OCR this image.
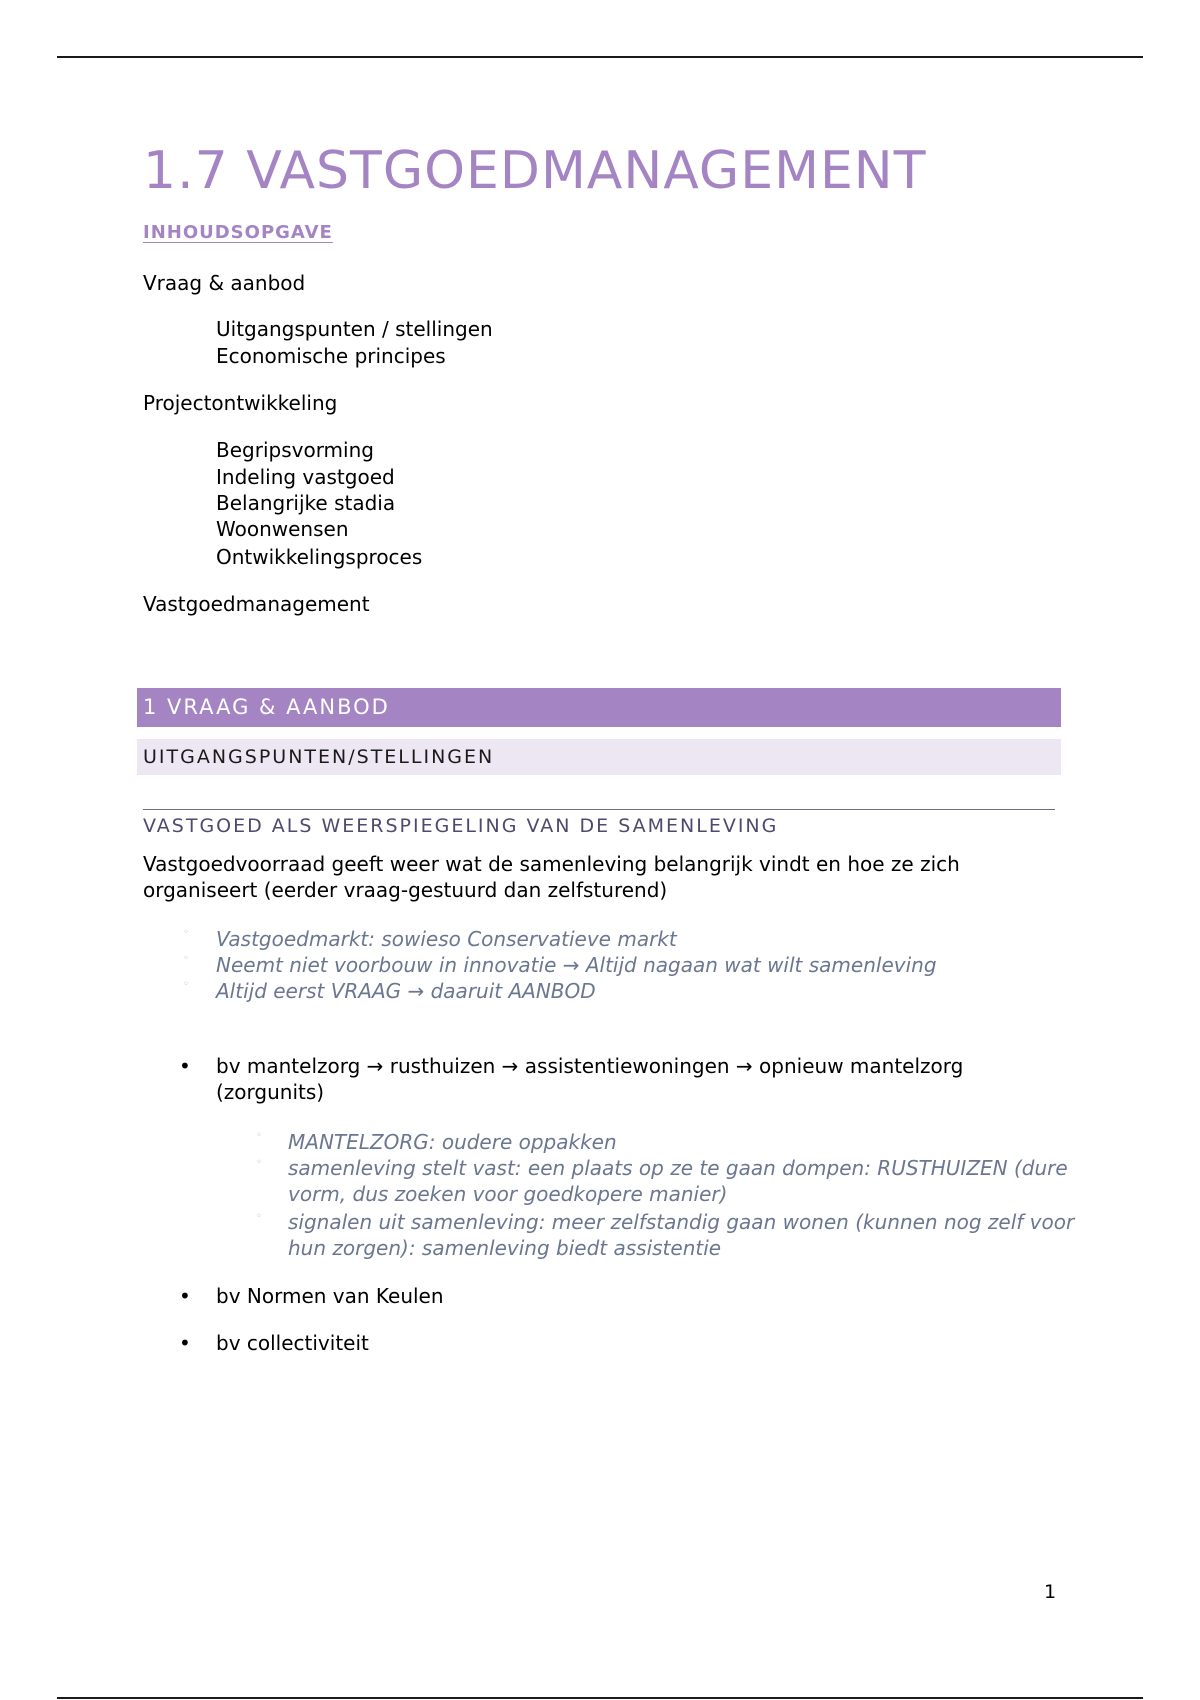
1.7 VASTGOEDMANAGEMENT
INHOUDSOPGAVE
Vraag & aanbod
Uitgangspunten / stellingen
Economische principes
Projectontwikkeling
Begripsvorming
Indeling vastgoed
Belangrijke stadia
Woonwensen
Ontwikkelingsproces
Vastgoedmanagement
1 VRAAG & AANBOD
UITGANGSPUNTEN/STELLINGEN
VASTGOED ALS WEERSPIEGELING VAN DE SAMENLEVING
Vastgoedvoorraad geeft weer wat de samenleving belangrijk vindt en hoe ze zich organiseert (eerder vraag-gestuurd dan zelfsturend)
◦ Vastgoedmarkt: sowieso Conservatieve markt
◦ Neemt niet voorbouw in innovatie → Altijd nagaan wat wilt samenleving
◦ Altijd eerst VRAAG → daaruit AANBOD
• bv mantelzorg → rusthuizen → assistentiewoningen → opnieuw mantelzorg (zorgunits)
◦ MANTELZORG: oudere oppakken
◦ samenleving stelt vast: een plaats op ze te gaan dompen: RUSTHUIZEN (dure vorm, dus zoeken voor goedkopere manier)
◦ signalen uit samenleving: meer zelfstandig gaan wonen (kunnen nog zelf voor hun zorgen): samenleving biedt assistentie
• bv Normen van Keulen
• bv collectiviteit
1
